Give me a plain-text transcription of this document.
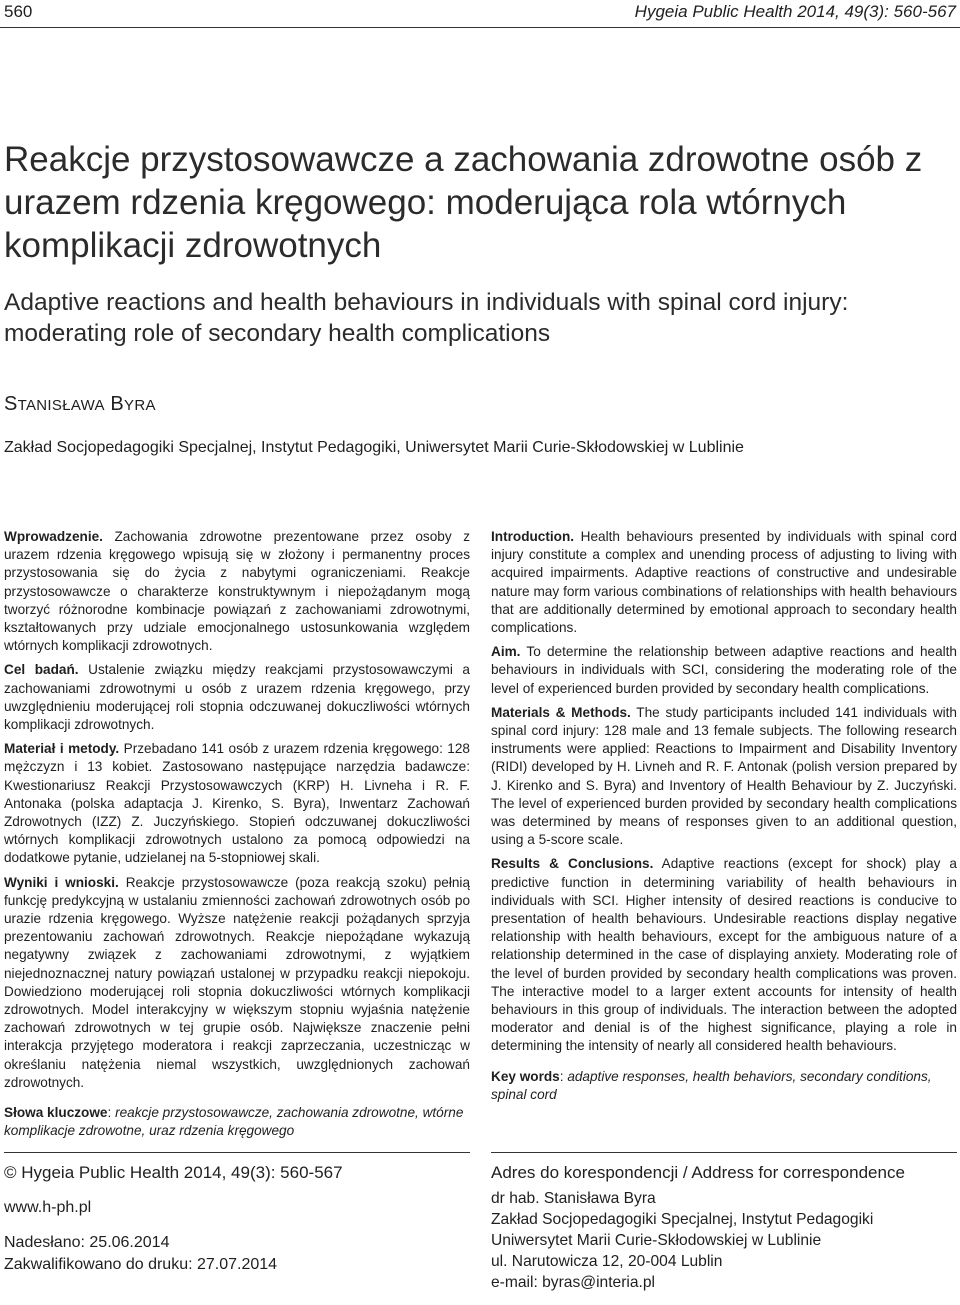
560	Hygeia Public Health 2014, 49(3): 560-567
Reakcje przystosowawcze a zachowania zdrowotne osób z urazem rdzenia kręgowego: moderująca rola wtórnych komplikacji zdrowotnych
Adaptive reactions and health behaviours in individuals with spinal cord injury: moderating role of secondary health complications
STANISŁAWA BYRA
Zakład Socjopedagogiki Specjalnej, Instytut Pedagogiki, Uniwersytet Marii Curie-Skłodowskiej w Lublinie

Wprowadzenie. Zachowania zdrowotne prezentowane przez osoby z urazem rdzenia kręgowego wpisują się w złożony i permanentny proces przystosowania się do życia z nabytymi ograniczeniami. Reakcje przystosowawcze o charakterze konstruktywnym i niepożądanym mogą tworzyć różnorodne kombinacje powiązań z zachowaniami zdrowotnymi, kształtowanych przy udziale emocjonalnego ustosunkowania względem wtórnych komplikacji zdrowotnych.

Cel badań. Ustalenie związku między reakcjami przystosowawczymi a zachowaniami zdrowotnymi u osób z urazem rdzenia kręgowego, przy uwzględnieniu moderującej roli stopnia odczuwanej dokuczliwości wtórnych komplikacji zdrowotnych.

Materiał i metody. Przebadano 141 osób z urazem rdzenia kręgowego: 128 mężczyzn i 13 kobiet. Zastosowano następujące narzędzia badawcze: Kwestionariusz Reakcji Przystosowawczych (KRP) H. Livneha i R. F. Antonaka (polska adaptacja J. Kirenko, S. Byra), Inwentarz Zachowań Zdrowotnych (IZZ) Z. Juczyńskiego. Stopień odczuwanej dokuczliwości wtórnych komplikacji zdrowotnych ustalono za pomocą odpowiedzi na dodatkowe pytanie, udzielanej na 5-stopniowej skali.

Wyniki i wnioski. Reakcje przystosowawcze (poza reakcją szoku) pełnią funkcję predykcyjną w ustalaniu zmienności zachowań zdrowotnych osób po urazie rdzenia kręgowego. Wyższe natężenie reakcji pożądanych sprzyja prezentowaniu zachowań zdrowotnych. Reakcje niepożądane wykazują negatywny związek z zachowaniami zdrowotnymi, z wyjątkiem niejednoznacznej natury powiązań ustalonej w przypadku reakcji niepokoju. Dowiedziono moderującej roli stopnia dokuczliwości wtórnych komplikacji zdrowotnych. Model interakcyjny w większym stopniu wyjaśnia natężenie zachowań zdrowotnych w tej grupie osób. Największe znaczenie pełni interakcja przyjętego moderatora i reakcji zaprzeczania, uczestnicząc w określaniu natężenia niemal wszystkich, uwzględnionych zachowań zdrowotnych.

Słowa kluczowe: reakcje przystosowawcze, zachowania zdrowotne, wtórne komplikacje zdrowotne, uraz rdzenia kręgowego

Introduction. Health behaviours presented by individuals with spinal cord injury constitute a complex and unending process of adjusting to living with acquired impairments. Adaptive reactions of constructive and undesirable nature may form various combinations of relationships with health behaviours that are additionally determined by emotional approach to secondary health complications.

Aim. To determine the relationship between adaptive reactions and health behaviours in individuals with SCI, considering the moderating role of the level of experienced burden provided by secondary health complications.

Materials & Methods. The study participants included 141 individuals with spinal cord injury: 128 male and 13 female subjects. The following research instruments were applied: Reactions to Impairment and Disability Inventory (RIDI) developed by H. Livneh and R. F. Antonak (polish version prepared by J. Kirenko and S. Byra) and Inventory of Health Behaviour by Z. Juczyński. The level of experienced burden provided by secondary health complications was determined by means of responses given to an additional question, using a 5-score scale.

Results & Conclusions. Adaptive reactions (except for shock) play a predictive function in determining variability of health behaviours in individuals with SCI. Higher intensity of desired reactions is conducive to presentation of health behaviours. Undesirable reactions display negative relationship with health behaviours, except for the ambiguous nature of a relationship determined in the case of displaying anxiety. Moderating role of the level of burden provided by secondary health complications was proven. The interactive model to a larger extent accounts for intensity of health behaviours in this group of individuals. The interaction between the adopted moderator and denial is of the highest significance, playing a role in determining the intensity of nearly all considered health behaviours.

Key words: adaptive responses, health behaviors, secondary conditions, spinal cord

© Hygeia Public Health 2014, 49(3): 560-567
www.h-ph.pl
Nadesłano: 25.06.2014
Zakwalifikowano do druku: 27.07.2014
Adres do korespondencji / Address for correspondence
dr hab. Stanisława Byra
Zakład Socjopedagogiki Specjalnej, Instytut Pedagogiki
Uniwersytet Marii Curie-Skłodowskiej w Lublinie
ul. Narutowicza 12, 20-004 Lublin
e-mail: byras@interia.pl
